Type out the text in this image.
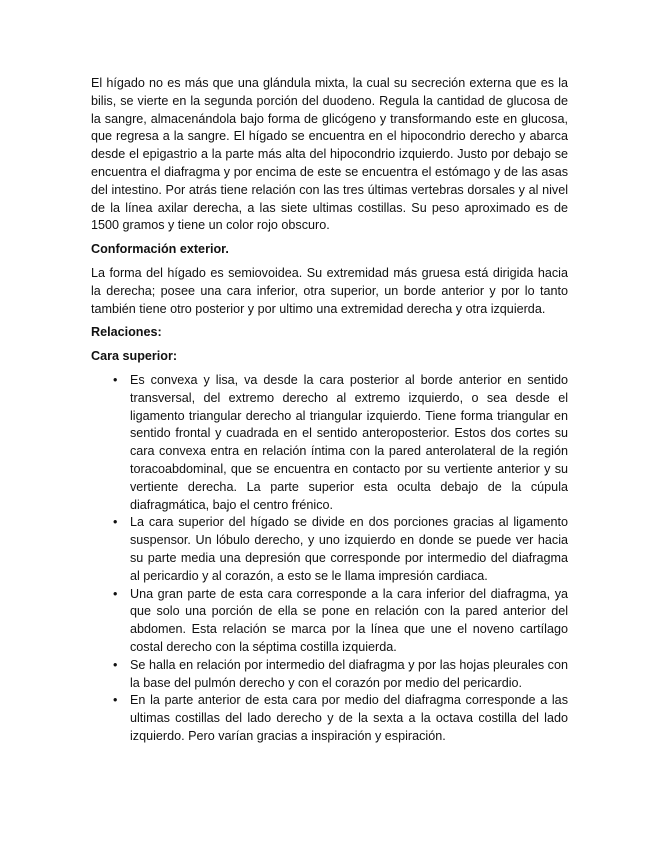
El hígado no es más que una glándula mixta, la cual su secreción externa que es la bilis, se vierte en la segunda porción del duodeno. Regula la cantidad de glucosa de la sangre, almacenándola bajo forma de glicógeno y transformando este en glucosa, que regresa a la sangre. El hígado se encuentra en el hipocondrio derecho y abarca desde el epigastrio a la parte más alta del hipocondrio izquierdo. Justo por debajo se encuentra el diafragma y por encima de este se encuentra el estómago y de las asas del intestino. Por atrás tiene relación con las tres últimas vertebras dorsales y al nivel de la línea axilar derecha, a las siete ultimas costillas. Su peso aproximado es de 1500 gramos y tiene un color rojo obscuro.

Conformación exterior.

La forma del hígado es semiovoidea. Su extremidad más gruesa está dirigida hacia la derecha; posee una cara inferior, otra superior, un borde anterior y por lo tanto también tiene otro posterior y por ultimo una extremidad derecha y otra izquierda.

Relaciones:
Cara superior:
• Es convexa y lisa, va desde la cara posterior al borde anterior en sentido transversal, del extremo derecho al extremo izquierdo, o sea desde el ligamento triangular derecho al triangular izquierdo. Tiene forma triangular en sentido frontal y cuadrada en el sentido anteroposterior. Estos dos cortes su cara convexa entra en relación íntima con la pared anterolateral de la región toracoabdominal, que se encuentra en contacto por su vertiente anterior y su vertiente derecha. La parte superior esta oculta debajo de la cúpula diafragmática, bajo el centro frénico.
• La cara superior del hígado se divide en dos porciones gracias al ligamento suspensor. Un lóbulo derecho, y uno izquierdo en donde se puede ver hacia su parte media una depresión que corresponde por intermedio del diafragma al pericardio y al corazón, a esto se le llama impresión cardiaca.
• Una gran parte de esta cara corresponde a la cara inferior del diafragma, ya que solo una porción de ella se pone en relación con la pared anterior del abdomen. Esta relación se marca por la línea que une el noveno cartílago costal derecho con la séptima costilla izquierda.
• Se halla en relación por intermedio del diafragma y por las hojas pleurales con la base del pulmón derecho y con el corazón por medio del pericardio.
• En la parte anterior de esta cara por medio del diafragma corresponde a las ultimas costillas del lado derecho y de la sexta a la octava costilla del lado izquierdo. Pero varían gracias a inspiración y espiración.
